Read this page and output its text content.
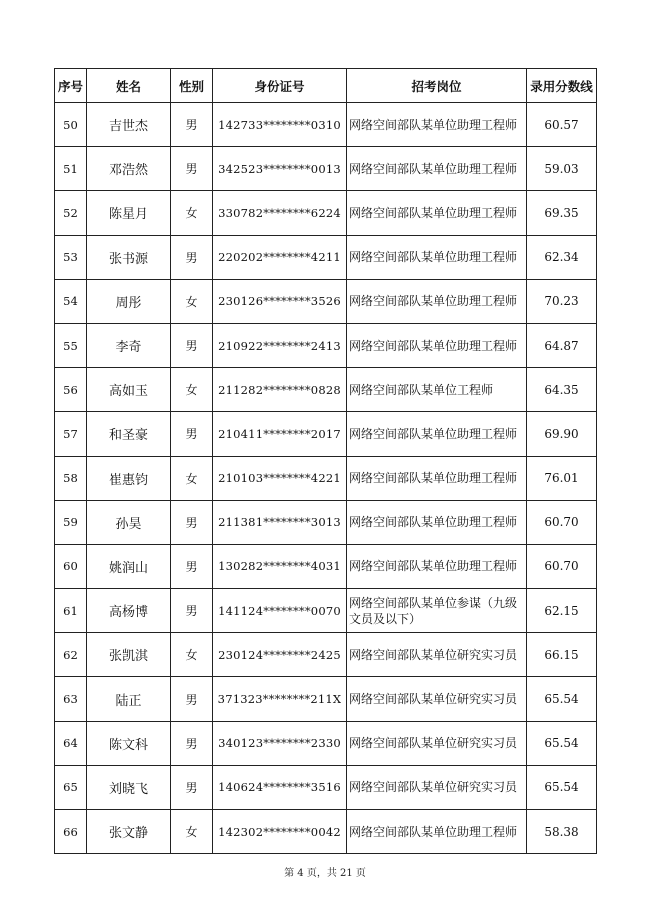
序号	姓名	性别	身份证号	招考岗位	录用分数线
50	吉世杰	男	142733********0310	网络空间部队某单位助理工程师	60.57
51	邓浩然	男	342523********0013	网络空间部队某单位助理工程师	59.03
52	陈星月	女	330782********6224	网络空间部队某单位助理工程师	69.35
53	张书源	男	220202********4211	网络空间部队某单位助理工程师	62.34
54	周彤	女	230126********3526	网络空间部队某单位助理工程师	70.23
55	李奇	男	210922********2413	网络空间部队某单位助理工程师	64.87
56	高如玉	女	211282********0828	网络空间部队某单位工程师	64.35
57	和圣豪	男	210411********2017	网络空间部队某单位助理工程师	69.90
58	崔惠钧	女	210103********4221	网络空间部队某单位助理工程师	76.01
59	孙昊	男	211381********3013	网络空间部队某单位助理工程师	60.70
60	姚润山	男	130282********4031	网络空间部队某单位助理工程师	60.70
61	高杨博	男	141124********0070	网络空间部队某单位参谋（九级文员及以下）	62.15
62	张凯淇	女	230124********2425	网络空间部队某单位研究实习员	66.15
63	陆正	男	371323********211X	网络空间部队某单位研究实习员	65.54
64	陈文科	男	340123********2330	网络空间部队某单位研究实习员	65.54
65	刘晓飞	男	140624********3516	网络空间部队某单位研究实习员	65.54
66	张文静	女	142302********0042	网络空间部队某单位助理工程师	58.38
第 4 页，共 21 页
